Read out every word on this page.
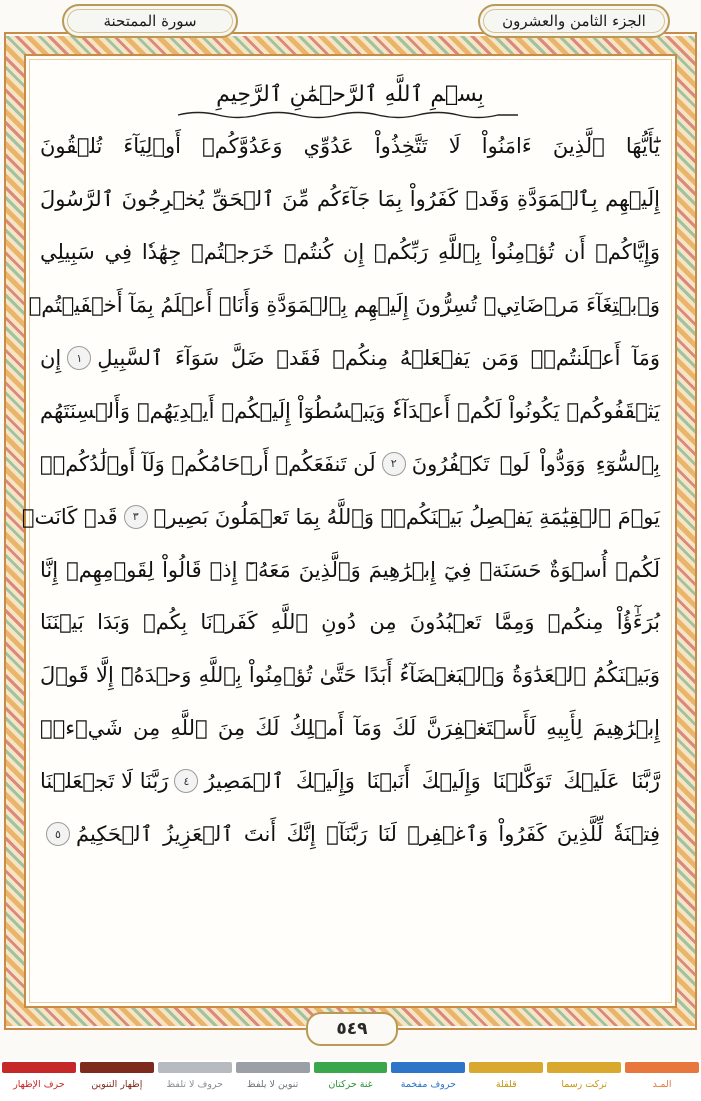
سورة الممتحنة	الجزء الثامن والعشرون
بِسۡمِ ٱللَّهِ ٱلرَّحۡمَٰنِ ٱلرَّحِيمِ
يَٰٓأَيُّهَا ٱلَّذِينَ ءَامَنُواْ لَا تَتَّخِذُواْ عَدُوِّي وَعَدُوَّكُمۡ أَوۡلِيَآءَ تُلۡقُونَ
إِلَيۡهِم بِٱلۡمَوَدَّةِ وَقَدۡ كَفَرُواْ بِمَا جَآءَكُم مِّنَ ٱلۡحَقِّ يُخۡرِجُونَ ٱلرَّسُولَ
وَإِيَّاكُمۡ أَن تُؤۡمِنُواْ بِٱللَّهِ رَبِّكُمۡ إِن كُنتُمۡ خَرَجۡتُمۡ جِهَٰدٗا فِي سَبِيلِي
وَٱبۡتِغَآءَ مَرۡضَاتِيۚ تُسِرُّونَ إِلَيۡهِم بِٱلۡمَوَدَّةِ وَأَنَا۠ أَعۡلَمُ بِمَآ أَخۡفَيۡتُمۡ
وَمَآ أَعۡلَنتُمۡۚ وَمَن يَفۡعَلۡهُ مِنكُمۡ فَقَدۡ ضَلَّ سَوَآءَ ٱلسَّبِيلِ
١
إِن
يَثۡقَفُوكُمۡ يَكُونُواْ لَكُمۡ أَعۡدَآءٗ وَيَبۡسُطُوٓاْ إِلَيۡكُمۡ أَيۡدِيَهُمۡ وَأَلۡسِنَتَهُم
بِٱلسُّوٓءِ وَوَدُّواْ لَوۡ تَكۡفُرُونَ
٢
لَن تَنفَعَكُمۡ أَرۡحَامُكُمۡ وَلَآ أَوۡلَٰدُكُمۡۚ
يَوۡمَ ٱلۡقِيَٰمَةِ يَفۡصِلُ بَيۡنَكُمۡۚ وَٱللَّهُ بِمَا تَعۡمَلُونَ بَصِيرٞ
٣
قَدۡ كَانَتۡ
لَكُمۡ أُسۡوَةٌ حَسَنَةٞ فِيٓ إِبۡرَٰهِيمَ وَٱلَّذِينَ مَعَهُۥٓ إِذۡ قَالُواْ لِقَوۡمِهِمۡ إِنَّا
بُرَءَٰٓؤُاْ مِنكُمۡ وَمِمَّا تَعۡبُدُونَ مِن دُونِ ٱللَّهِ كَفَرۡنَا بِكُمۡ وَبَدَا بَيۡنَنَا
وَبَيۡنَكُمُ ٱلۡعَدَٰوَةُ وَٱلۡبَغۡضَآءُ أَبَدًا حَتَّىٰ تُؤۡمِنُواْ بِٱللَّهِ وَحۡدَهُۥٓ إِلَّا قَوۡلَ
إِبۡرَٰهِيمَ لِأَبِيهِ لَأَسۡتَغۡفِرَنَّ لَكَ وَمَآ أَمۡلِكُ لَكَ مِنَ ٱللَّهِ مِن شَيۡءٖۖ
رَّبَّنَا عَلَيۡكَ تَوَكَّلۡنَا وَإِلَيۡكَ أَنَبۡنَا وَإِلَيۡكَ ٱلۡمَصِيرُ
٤
رَبَّنَا لَا تَجۡعَلۡنَا
فِتۡنَةٗ لِّلَّذِينَ كَفَرُواْ وَٱغۡفِرۡ لَنَا رَبَّنَآۖ إِنَّكَ أَنتَ ٱلۡعَزِيزُ ٱلۡحَكِيمُ
٥
٥٤٩
المـد
تركت رسما
قلقلة
حروف مفخمة
غنة حركتان
تنوين لا يلفظ
حروف لا تلفظ
إظهار التنوين
حرف الإظهار
